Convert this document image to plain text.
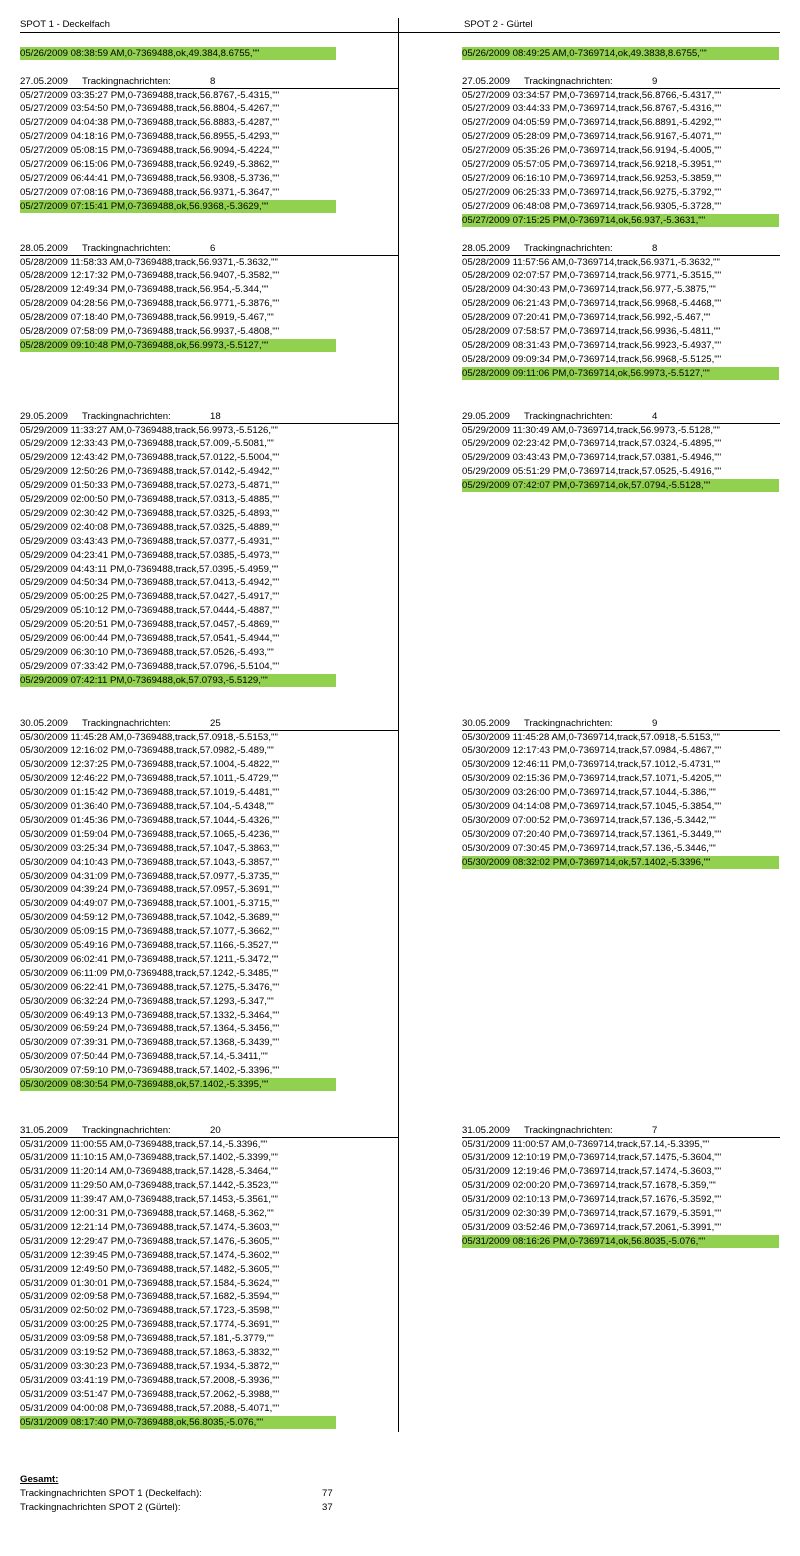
SPOT 1 - Deckelfach	SPOT 2 - Gürtel
05/26/2009 08:38:59 AM,0-7369488,ok,49.384,8.6755,""
27.05.2009 Trackingnachrichten:	8
05/27/2009 03:35:27 PM,0-7369488,track,56.8767,-5.4315,""
05/27/2009 03:54:50 PM,0-7369488,track,56.8804,-5.4267,""
05/27/2009 04:04:38 PM,0-7369488,track,56.8883,-5.4287,""
05/27/2009 04:18:16 PM,0-7369488,track,56.8955,-5.4293,""
05/27/2009 05:08:15 PM,0-7369488,track,56.9094,-5.4224,""
05/27/2009 06:15:06 PM,0-7369488,track,56.9249,-5.3862,""
05/27/2009 06:44:41 PM,0-7369488,track,56.9308,-5.3736,""
05/27/2009 07:08:16 PM,0-7369488,track,56.9371,-5.3647,""
05/27/2009 07:15:41 PM,0-7369488,ok,56.9368,-5.3629,""
28.05.2009 Trackingnachrichten:	6
05/28/2009 11:58:33 AM,0-7369488,track,56.9371,-5.3632,""
05/28/2009 12:17:32 PM,0-7369488,track,56.9407,-5.3582,""
05/28/2009 12:49:34 PM,0-7369488,track,56.954,-5.344,""
05/28/2009 04:28:56 PM,0-7369488,track,56.9771,-5.3876,""
05/28/2009 07:18:40 PM,0-7369488,track,56.9919,-5.467,""
05/28/2009 07:58:09 PM,0-7369488,track,56.9937,-5.4808,""
05/28/2009 09:10:48 PM,0-7369488,ok,56.9973,-5.5127,""
29.05.2009 Trackingnachrichten:	18
05/29/2009 11:33:27 AM,0-7369488,track,56.9973,-5.5126,""
05/29/2009 12:33:43 PM,0-7369488,track,57.009,-5.5081,""
05/29/2009 12:43:42 PM,0-7369488,track,57.0122,-5.5004,""
05/29/2009 12:50:26 PM,0-7369488,track,57.0142,-5.4942,""
05/29/2009 01:50:33 PM,0-7369488,track,57.0273,-5.4871,""
05/29/2009 02:00:50 PM,0-7369488,track,57.0313,-5.4885,""
05/29/2009 02:30:42 PM,0-7369488,track,57.0325,-5.4893,""
05/29/2009 02:40:08 PM,0-7369488,track,57.0325,-5.4889,""
05/29/2009 03:43:43 PM,0-7369488,track,57.0377,-5.4931,""
05/29/2009 04:23:41 PM,0-7369488,track,57.0385,-5.4973,""
05/29/2009 04:43:11 PM,0-7369488,track,57.0395,-5.4959,""
05/29/2009 04:50:34 PM,0-7369488,track,57.0413,-5.4942,""
05/29/2009 05:00:25 PM,0-7369488,track,57.0427,-5.4917,""
05/29/2009 05:10:12 PM,0-7369488,track,57.0444,-5.4887,""
05/29/2009 05:20:51 PM,0-7369488,track,57.0457,-5.4869,""
05/29/2009 06:00:44 PM,0-7369488,track,57.0541,-5.4944,""
05/29/2009 06:30:10 PM,0-7369488,track,57.0526,-5.493,""
05/29/2009 07:33:42 PM,0-7369488,track,57.0796,-5.5104,""
05/29/2009 07:42:11 PM,0-7369488,ok,57.0793,-5.5129,""
30.05.2009 Trackingnachrichten:	25
05/30/2009 11:45:28 AM,0-7369488,track,57.0918,-5.5153,""
05/30/2009 12:16:02 PM,0-7369488,track,57.0982,-5.489,""
05/30/2009 12:37:25 PM,0-7369488,track,57.1004,-5.4822,""
05/30/2009 12:46:22 PM,0-7369488,track,57.1011,-5.4729,""
05/30/2009 01:15:42 PM,0-7369488,track,57.1019,-5.4481,""
05/30/2009 01:36:40 PM,0-7369488,track,57.104,-5.4348,""
05/30/2009 01:45:36 PM,0-7369488,track,57.1044,-5.4326,""
05/30/2009 01:59:04 PM,0-7369488,track,57.1065,-5.4236,""
05/30/2009 03:25:34 PM,0-7369488,track,57.1047,-5.3863,""
05/30/2009 04:10:43 PM,0-7369488,track,57.1043,-5.3857,""
05/30/2009 04:31:09 PM,0-7369488,track,57.0977,-5.3735,""
05/30/2009 04:39:24 PM,0-7369488,track,57.0957,-5.3691,""
05/30/2009 04:49:07 PM,0-7369488,track,57.1001,-5.3715,""
05/30/2009 04:59:12 PM,0-7369488,track,57.1042,-5.3689,""
05/30/2009 05:09:15 PM,0-7369488,track,57.1077,-5.3662,""
05/30/2009 05:49:16 PM,0-7369488,track,57.1166,-5.3527,""
05/30/2009 06:02:41 PM,0-7369488,track,57.1211,-5.3472,""
05/30/2009 06:11:09 PM,0-7369488,track,57.1242,-5.3485,""
05/30/2009 06:22:41 PM,0-7369488,track,57.1275,-5.3476,""
05/30/2009 06:32:24 PM,0-7369488,track,57.1293,-5.347,""
05/30/2009 06:49:13 PM,0-7369488,track,57.1332,-5.3464,""
05/30/2009 06:59:24 PM,0-7369488,track,57.1364,-5.3456,""
05/30/2009 07:39:31 PM,0-7369488,track,57.1368,-5.3439,""
05/30/2009 07:50:44 PM,0-7369488,track,57.14,-5.3411,""
05/30/2009 07:59:10 PM,0-7369488,track,57.1402,-5.3396,""
05/30/2009 08:30:54 PM,0-7369488,ok,57.1402,-5.3395,""
31.05.2009 Trackingnachrichten:	20
05/31/2009 11:00:55 AM,0-7369488,track,57.14,-5.3396,""
05/31/2009 11:10:15 AM,0-7369488,track,57.1402,-5.3399,""
05/31/2009 11:20:14 AM,0-7369488,track,57.1428,-5.3464,""
05/31/2009 11:29:50 AM,0-7369488,track,57.1442,-5.3523,""
05/31/2009 11:39:47 AM,0-7369488,track,57.1453,-5.3561,""
05/31/2009 12:00:31 PM,0-7369488,track,57.1468,-5.362,""
05/31/2009 12:21:14 PM,0-7369488,track,57.1474,-5.3603,""
05/31/2009 12:29:47 PM,0-7369488,track,57.1476,-5.3605,""
05/31/2009 12:39:45 PM,0-7369488,track,57.1474,-5.3602,""
05/31/2009 12:49:50 PM,0-7369488,track,57.1482,-5.3605,""
05/31/2009 01:30:01 PM,0-7369488,track,57.1584,-5.3624,""
05/31/2009 02:09:58 PM,0-7369488,track,57.1682,-5.3594,""
05/31/2009 02:50:02 PM,0-7369488,track,57.1723,-5.3598,""
05/31/2009 03:00:25 PM,0-7369488,track,57.1774,-5.3691,""
05/31/2009 03:09:58 PM,0-7369488,track,57.181,-5.3779,""
05/31/2009 03:19:52 PM,0-7369488,track,57.1863,-5.3832,""
05/31/2009 03:30:23 PM,0-7369488,track,57.1934,-5.3872,""
05/31/2009 03:41:19 PM,0-7369488,track,57.2008,-5.3936,""
05/31/2009 03:51:47 PM,0-7369488,track,57.2062,-5.3988,""
05/31/2009 04:00:08 PM,0-7369488,track,57.2088,-5.4071,""
05/31/2009 08:17:40 PM,0-7369488,ok,56.8035,-5.076,""
05/26/2009 08:49:25 AM,0-7369714,ok,49.3838,8.6755,""
27.05.2009 Trackingnachrichten:	9
05/27/2009 03:34:57 PM,0-7369714,track,56.8766,-5.4317,""
05/27/2009 03:44:33 PM,0-7369714,track,56.8767,-5.4316,""
05/27/2009 04:05:59 PM,0-7369714,track,56.8891,-5.4292,""
05/27/2009 05:28:09 PM,0-7369714,track,56.9167,-5.4071,""
05/27/2009 05:35:26 PM,0-7369714,track,56.9194,-5.4005,""
05/27/2009 05:57:05 PM,0-7369714,track,56.9218,-5.3951,""
05/27/2009 06:16:10 PM,0-7369714,track,56.9253,-5.3859,""
05/27/2009 06:25:33 PM,0-7369714,track,56.9275,-5.3792,""
05/27/2009 06:48:08 PM,0-7369714,track,56.9305,-5.3728,""
05/27/2009 07:15:25 PM,0-7369714,ok,56.937,-5.3631,""
28.05.2009 Trackingnachrichten:	8
05/28/2009 11:57:56 AM,0-7369714,track,56.9371,-5.3632,""
05/28/2009 02:07:57 PM,0-7369714,track,56.9771,-5.3515,""
05/28/2009 04:30:43 PM,0-7369714,track,56.977,-5.3875,""
05/28/2009 06:21:43 PM,0-7369714,track,56.9968,-5.4468,""
05/28/2009 07:20:41 PM,0-7369714,track,56.992,-5.467,""
05/28/2009 07:58:57 PM,0-7369714,track,56.9936,-5.4811,""
05/28/2009 08:31:43 PM,0-7369714,track,56.9923,-5.4937,""
05/28/2009 09:09:34 PM,0-7369714,track,56.9968,-5.5125,""
05/28/2009 09:11:06 PM,0-7369714,ok,56.9973,-5.5127,""
29.05.2009 Trackingnachrichten:	4
05/29/2009 11:30:49 AM,0-7369714,track,56.9973,-5.5128,""
05/29/2009 02:23:42 PM,0-7369714,track,57.0324,-5.4895,""
05/29/2009 03:43:43 PM,0-7369714,track,57.0381,-5.4946,""
05/29/2009 05:51:29 PM,0-7369714,track,57.0525,-5.4916,""
05/29/2009 07:42:07 PM,0-7369714,ok,57.0794,-5.5128,""
30.05.2009 Trackingnachrichten:	9
05/30/2009 11:45:28 AM,0-7369714,track,57.0918,-5.5153,""
05/30/2009 12:17:43 PM,0-7369714,track,57.0984,-5.4867,""
05/30/2009 12:46:11 PM,0-7369714,track,57.1012,-5.4731,""
05/30/2009 02:15:36 PM,0-7369714,track,57.1071,-5.4205,""
05/30/2009 03:26:00 PM,0-7369714,track,57.1044,-5.386,""
05/30/2009 04:14:08 PM,0-7369714,track,57.1045,-5.3854,""
05/30/2009 07:00:52 PM,0-7369714,track,57.136,-5.3442,""
05/30/2009 07:20:40 PM,0-7369714,track,57.1361,-5.3449,""
05/30/2009 07:30:45 PM,0-7369714,track,57.136,-5.3446,""
05/30/2009 08:32:02 PM,0-7369714,ok,57.1402,-5.3396,""
31.05.2009 Trackingnachrichten:	7
05/31/2009 11:00:57 AM,0-7369714,track,57.14,-5.3395,""
05/31/2009 12:10:19 PM,0-7369714,track,57.1475,-5.3604,""
05/31/2009 12:19:46 PM,0-7369714,track,57.1474,-5.3603,""
05/31/2009 02:00:20 PM,0-7369714,track,57.1678,-5.359,""
05/31/2009 02:10:13 PM,0-7369714,track,57.1676,-5.3592,""
05/31/2009 02:30:39 PM,0-7369714,track,57.1679,-5.3591,""
05/31/2009 03:52:46 PM,0-7369714,track,57.2061,-5.3991,""
05/31/2009 08:16:26 PM,0-7369714,ok,56.8035,-5.076,""
Gesamt:
Trackingnachrichten SPOT 1 (Deckelfach):	77
Trackingnachrichten SPOT 2 (Gürtel):	37
